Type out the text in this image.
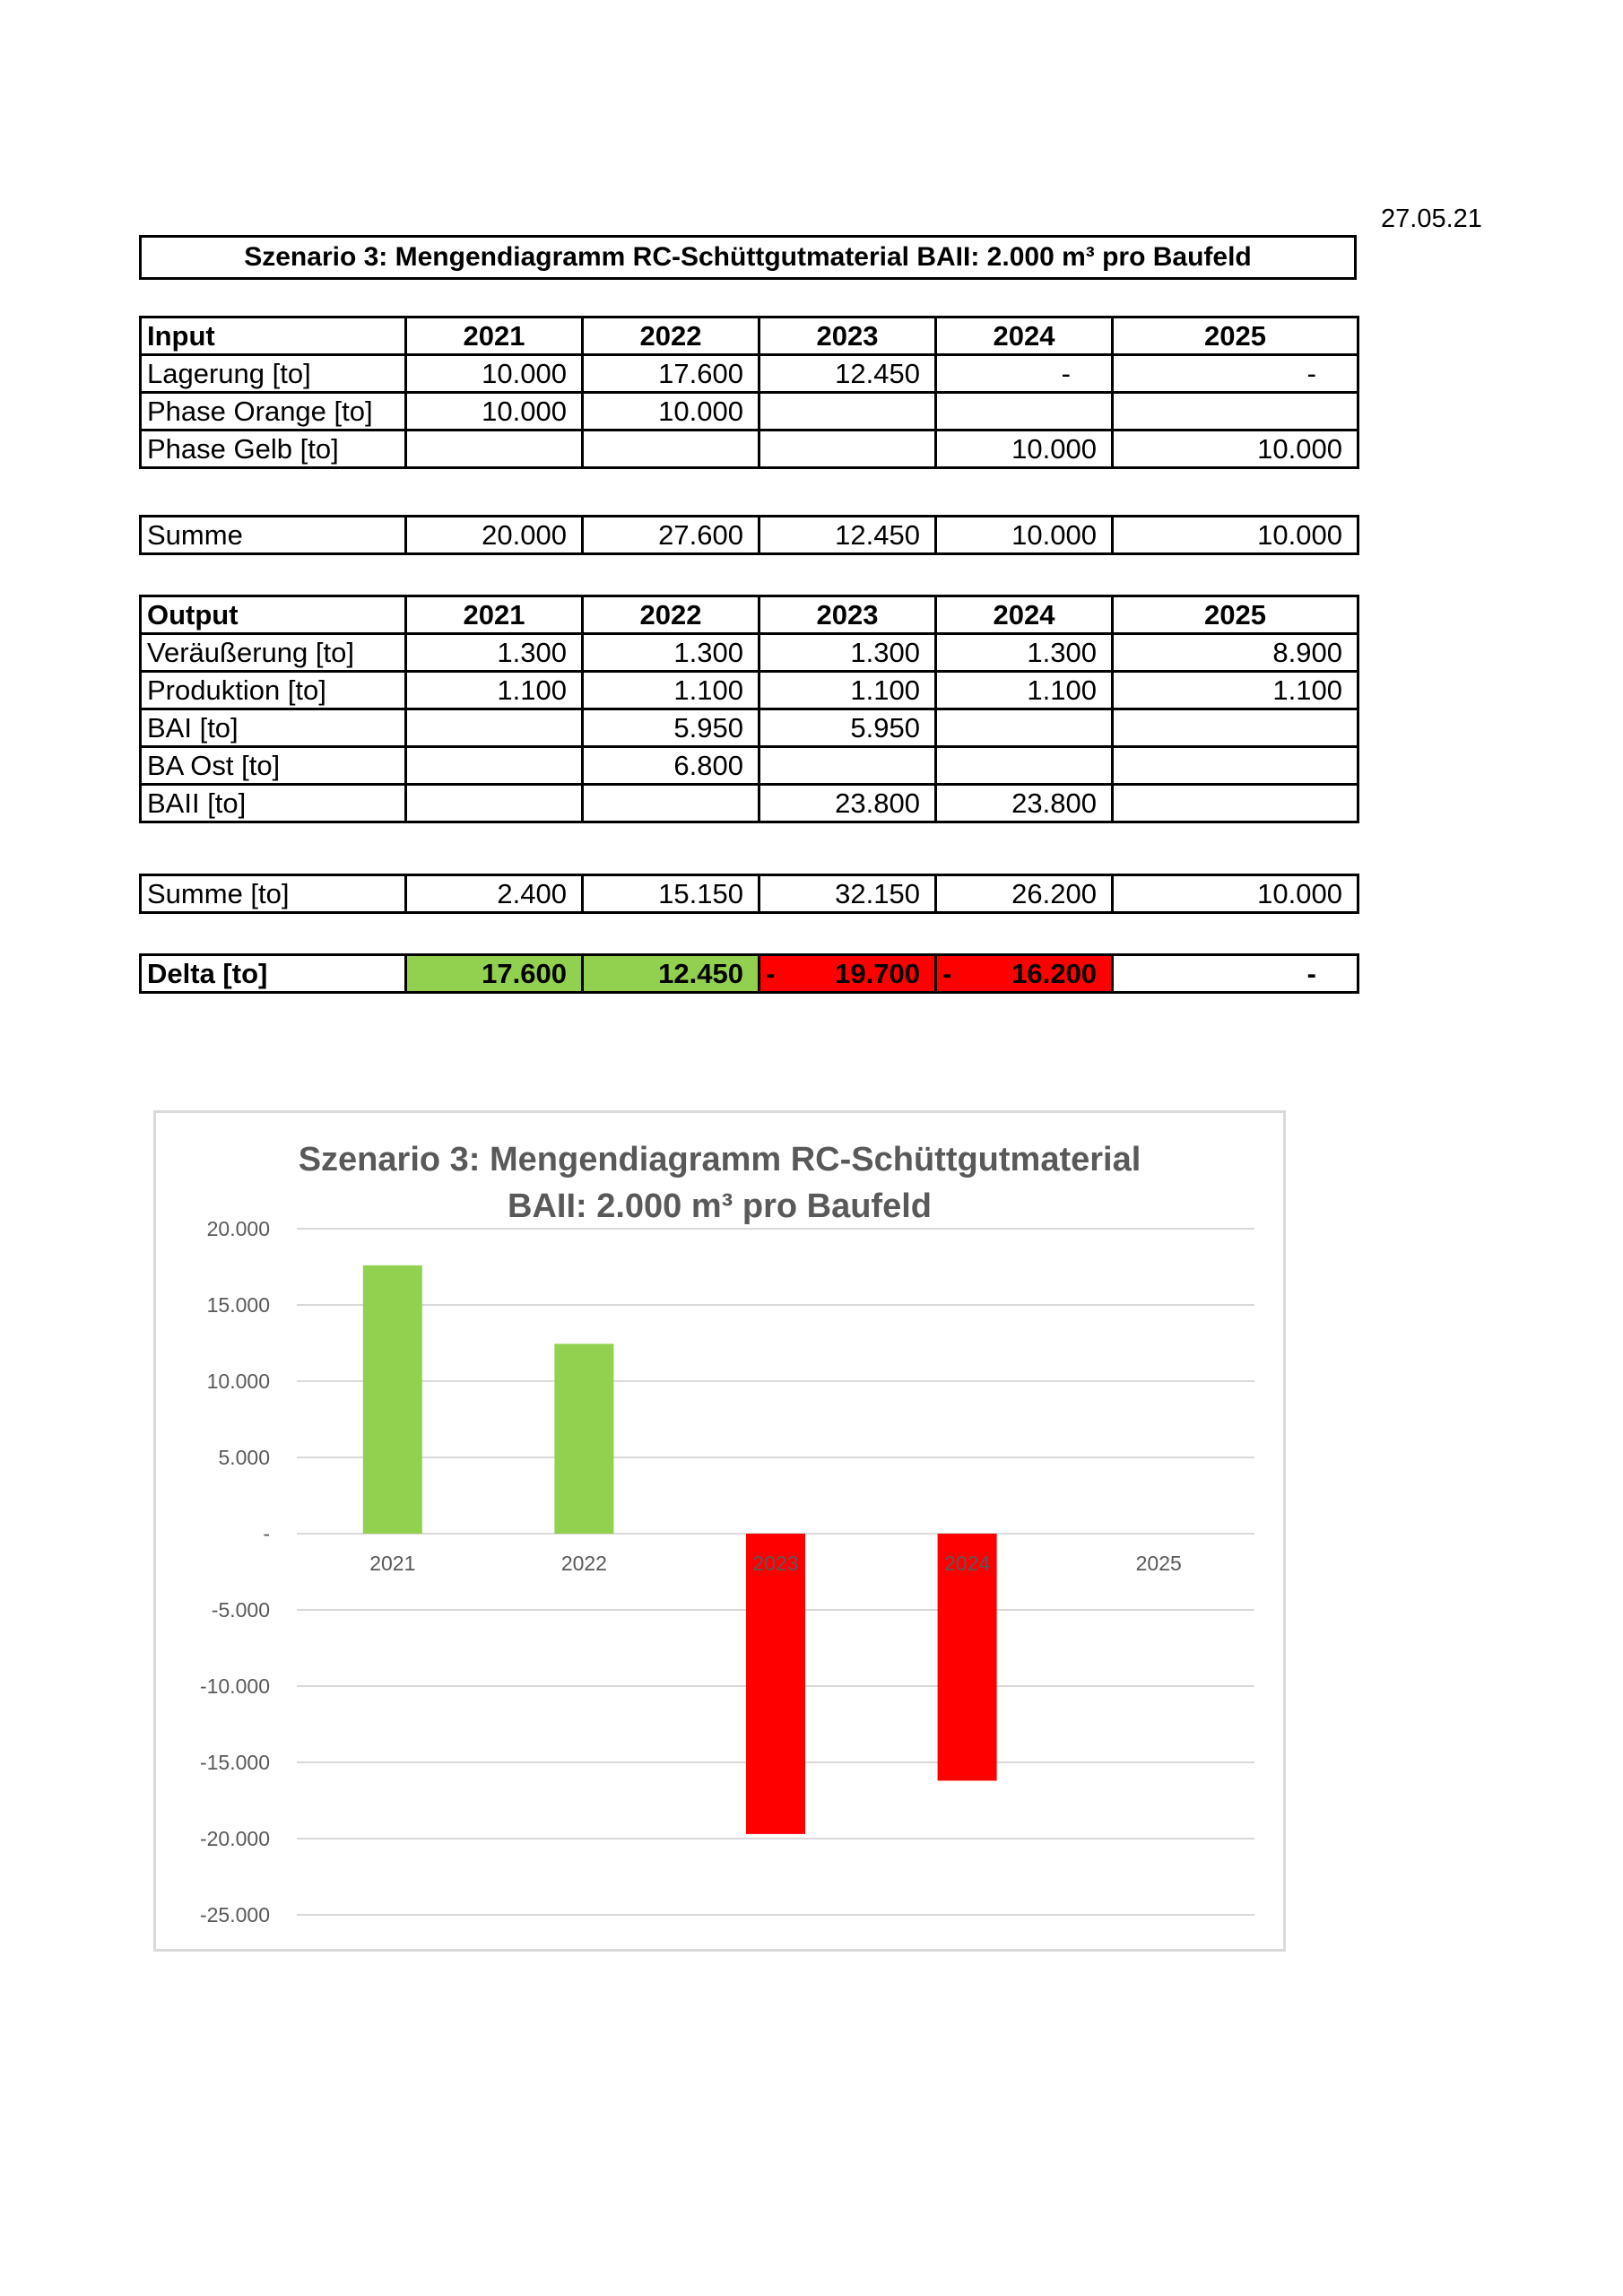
27.05.21
Szenario 3: Mengendiagramm RC-Schüttgutmaterial BAII: 2.000 m³ pro Baufeld
Input	2021	2022	2023	2024	2025
Lagerung [to]	10.000	17.600	12.450	-	-
Phase Orange [to]	10.000	10.000			
Phase Gelb [to]				10.000	10.000
Summe	20.000	27.600	12.450	10.000	10.000
Output	2021	2022	2023	2024	2025
Veräußerung [to]	1.300	1.300	1.300	1.300	8.900
Produktion [to]	1.100	1.100	1.100	1.100	1.100
BAI [to]		5.950	5.950		
BA Ost [to]		6.800			
BAII [to]			23.800	23.800	
Summe [to]	2.400	15.150	32.150	26.200	10.000
Delta [to]	17.600	12.450	- 19.700	- 16.200	-
Szenario 3: Mengendiagramm RC-Schüttgutmaterial
BAII: 2.000 m³ pro Baufeld
20.000
15.000
10.000
5.000
-
-5.000
-10.000
-15.000
-20.000
-25.000
2021	2022	2023	2024	2025
